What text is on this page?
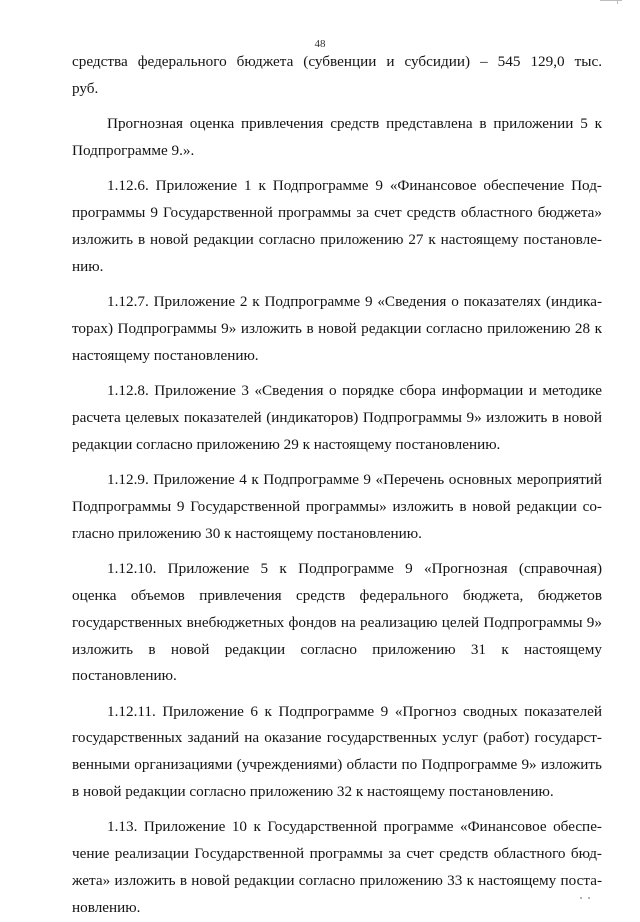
48
средства федерального бюджета (субвенции и субсидии) – 545 129,0 тыс.
руб.
Прогнозная оценка привлечения средств представлена в приложении 5 к
Подпрограмме 9.».
1.12.6. Приложение 1 к Подпрограмме 9 «Финансовое обеспечение Под-
программы 9 Государственной программы за счет средств областного бюджета»
изложить в новой редакции согласно приложению 27 к настоящему постановле-
нию.
1.12.7. Приложение 2 к Подпрограмме 9 «Сведения о показателях (индика-
торах) Подпрограммы 9» изложить в новой редакции согласно приложению 28 к
настоящему постановлению.
1.12.8. Приложение 3 «Сведения о порядке сбора информации и методике
расчета целевых показателей (индикаторов) Подпрограммы 9» изложить в новой
редакции согласно приложению 29 к настоящему постановлению.
1.12.9. Приложение 4 к Подпрограмме 9 «Перечень основных мероприятий
Подпрограммы 9 Государственной программы» изложить в новой редакции со-
гласно приложению 30 к настоящему постановлению.
1.12.10. Приложение 5 к Подпрограмме 9 «Прогнозная (справочная)
оценка объемов привлечения средств федерального бюджета, бюджетов
государственных внебюджетных фондов на реализацию целей Подпрограммы 9»
изложить в новой редакции согласно приложению 31 к настоящему
постановлению.
1.12.11. Приложение 6 к Подпрограмме 9 «Прогноз сводных показателей
государственных заданий на оказание государственных услуг (работ) государст-
венными организациями (учреждениями) области по Подпрограмме 9» изложить
в новой редакции согласно приложению 32 к настоящему постановлению.
1.13. Приложение 10 к Государственной программе «Финансовое обеспе-
чение реализации Государственной программы за счет средств областного бюд-
жета» изложить в новой редакции согласно приложению 33 к настоящему поста-
новлению.
